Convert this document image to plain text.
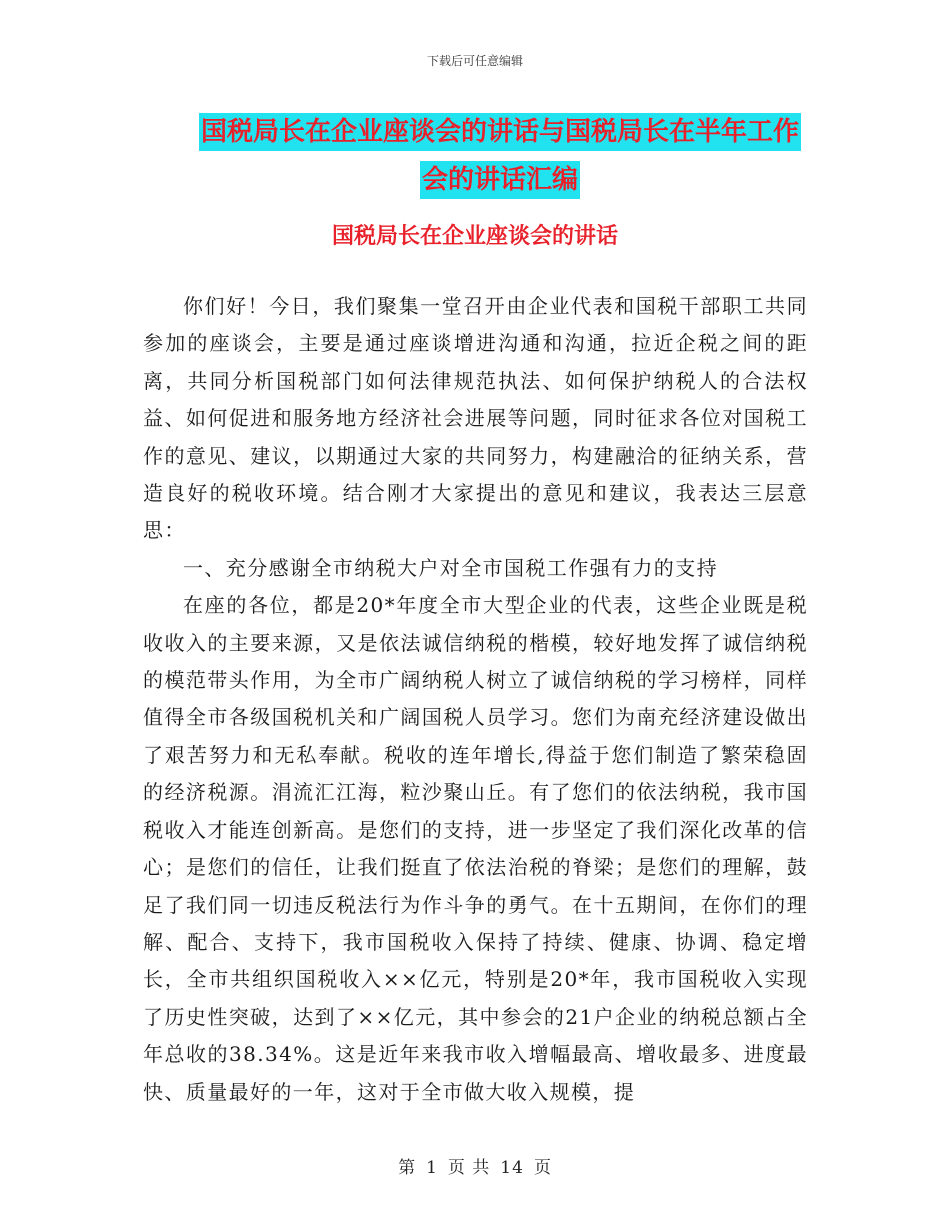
下载后可任意编辑
国税局长在企业座谈会的讲话与国税局长在半年工作会的讲话汇编
国税局长在企业座谈会的讲话

你们好！今日，我们聚集一堂召开由企业代表和国税干部职工共同参加的座谈会，主要是通过座谈增进沟通和沟通，拉近企税之间的距离，共同分析国税部门如何法律规范执法、如何保护纳税人的合法权益、如何促进和服务地方经济社会进展等问题，同时征求各位对国税工作的意见、建议，以期通过大家的共同努力，构建融洽的征纳关系，营造良好的税收环境。结合刚才大家提出的意见和建议，我表达三层意思：

一、充分感谢全市纳税大户对全市国税工作强有力的支持

在座的各位，都是20*年度全市大型企业的代表，这些企业既是税收收入的主要来源，又是依法诚信纳税的楷模，较好地发挥了诚信纳税的模范带头作用，为全市广阔纳税人树立了诚信纳税的学习榜样，同样值得全市各级国税机关和广阔国税人员学习。您们为南充经济建设做出了艰苦努力和无私奉献。税收的连年增长,得益于您们制造了繁荣稳固的经济税源。涓流汇江海，粒沙聚山丘。有了您们的依法纳税，我市国税收入才能连创新高。是您们的支持，进一步坚定了我们深化改革的信心；是您们的信任，让我们挺直了依法治税的脊梁；是您们的理解，鼓足了我们同一切违反税法行为作斗争的勇气。在十五期间，在你们的理解、配合、支持下，我市国税收入保持了持续、健康、协调、稳定增长，全市共组织国税收入××亿元，特别是20*年，我市国税收入实现了历史性突破，达到了××亿元，其中参会的21户企业的纳税总额占全年总收的38.34%。这是近年来我市收入增幅最高、增收最多、进度最快、质量最好的一年，这对于全市做大收入规模，提

第 1 页 共 14 页
